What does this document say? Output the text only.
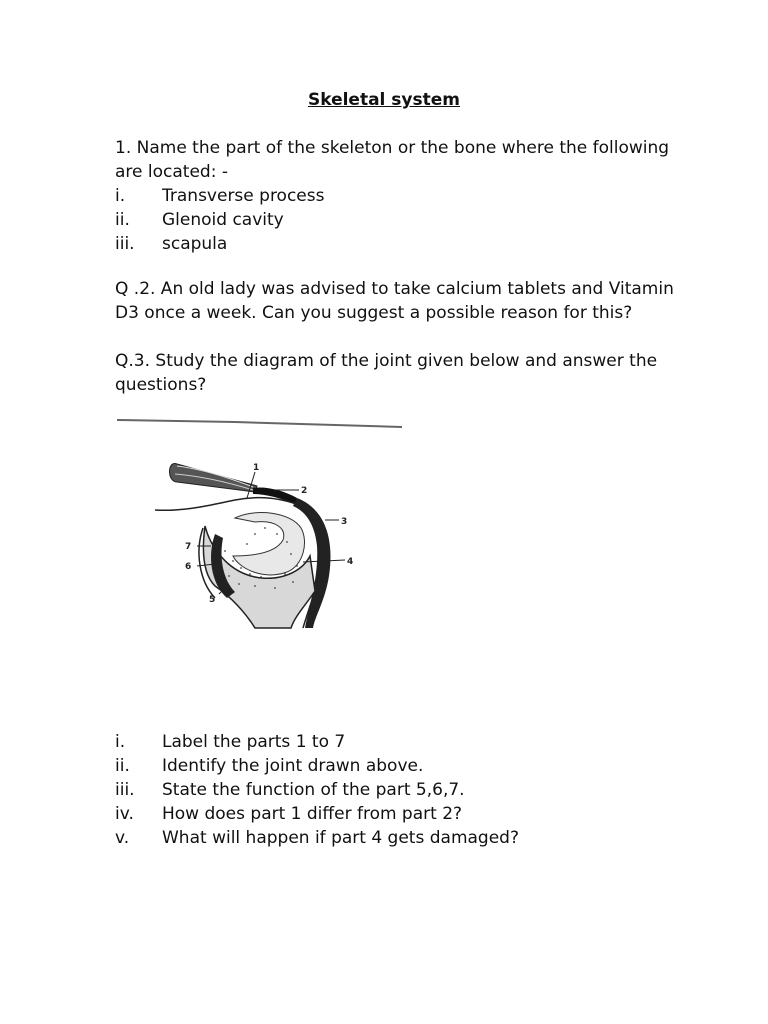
Skeletal system
1. Name the part of the skeleton or the bone where the following are located: -
i.	Transverse process
ii.	Glenoid cavity
iii.	scapula
Q .2. An old lady was advised to take calcium tablets and Vitamin D3 once a week. Can you suggest a possible reason for this?
Q.3. Study the diagram of the joint given below and answer the questions?
1
2
3
4
5
6
7
i.	Label the parts 1 to 7
ii.	Identify the joint drawn above.
iii.	State the function of the part 5,6,7.
iv.	How does part 1 differ from part 2?
v.	What will happen if part 4 gets damaged?
